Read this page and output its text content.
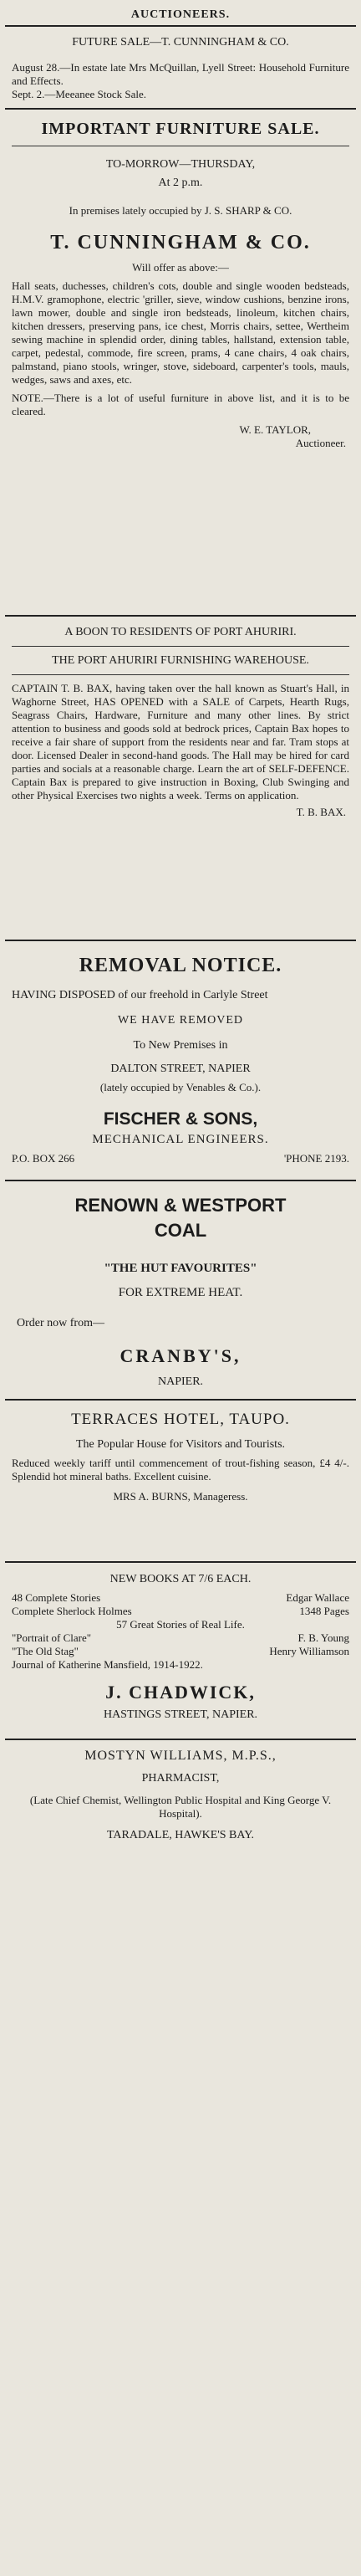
AUCTIONEERS.
FUTURE SALE—T. CUNNINGHAM & CO.
August 28.—In estate late Mrs McQuillan, Lyell Street: Household Furniture and Effects.
Sept. 2.—Meeanee Stock Sale.
IMPORTANT FURNITURE SALE.
TO-MORROW—THURSDAY,
At 2 p.m.
In premises lately occupied by J. S. SHARP & CO.
T. CUNNINGHAM & CO.
Will offer as above:—
Hall seats, duchesses, children's cots, double and single wooden bedsteads, H.M.V. gramophone, electric 'griller, sieve, window cushions, benzine irons, lawn mower, double and single iron bedsteads, linoleum, kitchen chairs, kitchen dressers, preserving pans, ice chest, Morris chairs, settee, Wertheim sewing machine in splendid order, dining tables, hallstand, extension table, carpet, pedestal, commode, fire screen, prams, 4 cane chairs, 4 oak chairs, palmstand, piano stools, wringer, stove, sideboard, carpenter's tools, mauls, wedges, saws and axes, etc.
NOTE.—There is a lot of useful furniture in above list, and it is to be cleared.
W. E. TAYLOR,
Auctioneer.
A BOON TO RESIDENTS OF PORT AHURIRI.
THE PORT AHURIRI FURNISHING WAREHOUSE.
CAPTAIN T. B. BAX, having taken over the hall known as Stuart's Hall, in Waghorne Street, HAS OPENED with a SALE of Carpets, Hearth Rugs, Seagrass Chairs, Hardware, Furniture and many other lines. By strict attention to business and goods sold at bedrock prices, Captain Bax hopes to receive a fair share of support from the residents near and far. Tram stops at door. Licensed Dealer in second-hand goods. The Hall may be hired for card parties and socials at a reasonable charge. Learn the art of SELF-DEFENCE. Captain Bax is prepared to give instruction in Boxing, Club Swinging and other Physical Exercises two nights a week. Terms on application.
T. B. BAX.
REMOVAL NOTICE.
HAVING DISPOSED of our freehold in Carlyle Street
WE HAVE REMOVED
To New Premises in
DALTON STREET, NAPIER
(lately occupied by Venables & Co.).
FISCHER & SONS,
MECHANICAL ENGINEERS.
P.O. BOX 266	'PHONE 2193.
RENOWN & WESTPORT
COAL
"THE HUT FAVOURITES"
FOR EXTREME HEAT.
Order now from—
CRANBY'S,
NAPIER.
TERRACES HOTEL, TAUPO.
The Popular House for Visitors and Tourists.
Reduced weekly tariff until commencement of trout-fishing season, £4 4/-. Splendid hot mineral baths. Excellent cuisine.
MRS A. BURNS, Manageress.
NEW BOOKS AT 7/6 EACH.
48 Complete Stories	Edgar Wallace
Complete Sherlock Holmes	1348 Pages
57 Great Stories of Real Life.
"Portrait of Clare"	F. B. Young
"The Old Stag"	Henry Williamson
Journal of Katherine Mansfield, 1914-1922.
J. CHADWICK,
HASTINGS STREET, NAPIER.
MOSTYN WILLIAMS, M.P.S.,
PHARMACIST,
(Late Chief Chemist, Wellington Public Hospital and King George V. Hospital).
TARADALE, HAWKE'S BAY.
